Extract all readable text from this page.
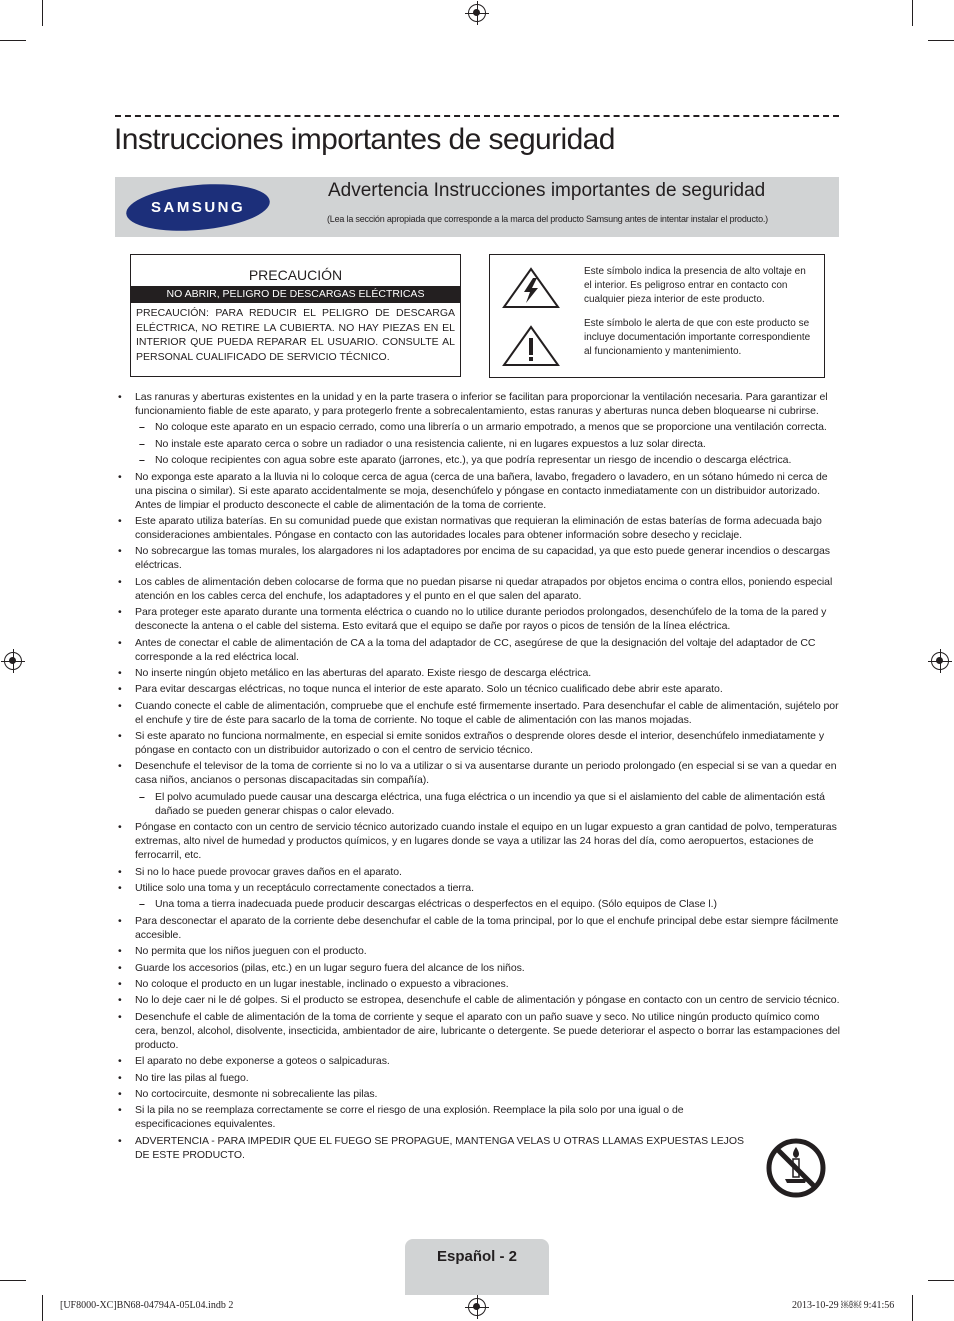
Instrucciones importantes de seguridad
SAMSUNG
Advertencia Instrucciones importantes de seguridad
(Lea la sección apropiada que corresponde a la marca del producto Samsung antes de intentar instalar el producto.)
PRECAUCIÓN
NO ABRIR, PELIGRO DE DESCARGAS ELÉCTRICAS
PRECAUCIÓN: PARA REDUCIR EL PELIGRO DE DESCARGA ELÉCTRICA, NO RETIRE LA CUBIERTA. NO HAY PIEZAS EN EL INTERIOR QUE PUEDA REPARAR EL USUARIO. CONSULTE AL PERSONAL CUALIFICADO DE SERVICIO TÉCNICO.
Este símbolo indica la presencia de alto voltaje en el interior. Es peligroso entrar en contacto con cualquier pieza interior de este producto.
Este símbolo le alerta de que con este producto se incluye documentación importante correspondiente al funcionamiento y mantenimiento.
• Las ranuras y aberturas existentes en la unidad y en la parte trasera o inferior se facilitan para proporcionar la ventilación necesaria. Para garantizar el funcionamiento fiable de este aparato, y para protegerlo frente a sobrecalentamiento, estas ranuras y aberturas nunca deben bloquearse ni cubrirse.
– No coloque este aparato en un espacio cerrado, como una librería o un armario empotrado, a menos que se proporcione una ventilación correcta.
– No instale este aparato cerca o sobre un radiador o una resistencia caliente, ni en lugares expuestos a luz solar directa.
– No coloque recipientes con agua sobre este aparato (jarrones, etc.), ya que podría representar un riesgo de incendio o descarga eléctrica.
• No exponga este aparato a la lluvia ni lo coloque cerca de agua (cerca de una bañera, lavabo, fregadero o lavadero, en un sótano húmedo ni cerca de una piscina o similar). Si este aparato accidentalmente se moja, desenchúfelo y póngase en contacto inmediatamente con un distribuidor autorizado. Antes de limpiar el producto desconecte el cable de alimentación de la toma de corriente.
• Este aparato utiliza baterías. En su comunidad puede que existan normativas que requieran la eliminación de estas baterías de forma adecuada bajo consideraciones ambientales. Póngase en contacto con las autoridades locales para obtener información sobre desecho y reciclaje.
• No sobrecargue las tomas murales, los alargadores ni los adaptadores por encima de su capacidad, ya que esto puede generar incendios o descargas eléctricas.
• Los cables de alimentación deben colocarse de forma que no puedan pisarse ni quedar atrapados por objetos encima o contra ellos, poniendo especial atención en los cables cerca del enchufe, los adaptadores y el punto en el que salen del aparato.
• Para proteger este aparato durante una tormenta eléctrica o cuando no lo utilice durante periodos prolongados, desenchúfelo de la toma de la pared y desconecte la antena o el cable del sistema. Esto evitará que el equipo se dañe por rayos o picos de tensión de la línea eléctrica.
• Antes de conectar el cable de alimentación de CA a la toma del adaptador de CC, asegúrese de que la designación del voltaje del adaptador de CC corresponde a la red eléctrica local.
• No inserte ningún objeto metálico en las aberturas del aparato. Existe riesgo de descarga eléctrica.
• Para evitar descargas eléctricas, no toque nunca el interior de este aparato. Solo un técnico cualificado debe abrir este aparato.
• Cuando conecte el cable de alimentación, compruebe que el enchufe esté firmemente insertado. Para desenchufar el cable de alimentación, sujételo por el enchufe y tire de éste para sacarlo de la toma de corriente. No toque el cable de alimentación con las manos mojadas.
• Si este aparato no funciona normalmente, en especial si emite sonidos extraños o desprende olores desde el interior, desenchúfelo inmediatamente y póngase en contacto con un distribuidor autorizado o con el centro de servicio técnico.
• Desenchufe el televisor de la toma de corriente si no lo va a utilizar o si va ausentarse durante un periodo prolongado (en especial si se van a quedar en casa niños, ancianos o personas discapacitadas sin compañía).
– El polvo acumulado puede causar una descarga eléctrica, una fuga eléctrica o un incendio ya que si el aislamiento del cable de alimentación está dañado se pueden generar chispas o calor elevado.
• Póngase en contacto con un centro de servicio técnico autorizado cuando instale el equipo en un lugar expuesto a gran cantidad de polvo, temperaturas extremas, alto nivel de humedad y productos químicos, y en lugares donde se vaya a utilizar las 24 horas del día, como aeropuertos, estaciones de ferrocarril, etc.
• Si no lo hace puede provocar graves daños en el aparato.
• Utilice solo una toma y un receptáculo correctamente conectados a tierra.
– Una toma a tierra inadecuada puede producir descargas eléctricas o desperfectos en el equipo. (Sólo equipos de Clase l.)
• Para desconectar el aparato de la corriente debe desenchufar el cable de la toma principal, por lo que el enchufe principal debe estar siempre fácilmente accesible.
• No permita que los niños jueguen con el producto.
• Guarde los accesorios (pilas, etc.) en un lugar seguro fuera del alcance de los niños.
• No coloque el producto en un lugar inestable, inclinado o expuesto a vibraciones.
• No lo deje caer ni le dé golpes. Si el producto se estropea, desenchufe el cable de alimentación y póngase en contacto con un centro de servicio técnico.
• Desenchufe el cable de alimentación de la toma de corriente y seque el aparato con un paño suave y seco. No utilice ningún producto químico como cera, benzol, alcohol, disolvente, insecticida, ambientador de aire, lubricante o detergente. Se puede deteriorar el aspecto o borrar las estampaciones del producto.
• El aparato no debe exponerse a goteos o salpicaduras.
• No tire las pilas al fuego.
• No cortocircuite, desmonte ni sobrecaliente las pilas.
• Si la pila no se reemplaza correctamente se corre el riesgo de una explosión. Reemplace la pila solo por una igual o de especificaciones equivalentes.
• ADVERTENCIA - PARA IMPEDIR QUE EL FUEGO SE PROPAGUE, MANTENGA VELAS U OTRAS LLAMAS EXPUESTAS LEJOS DE ESTE PRODUCTO.
Español - 2
[UF8000-XC]BN68-04794A-05L04.indb 2	2013-10-29 ￼￼ 9:41:56
